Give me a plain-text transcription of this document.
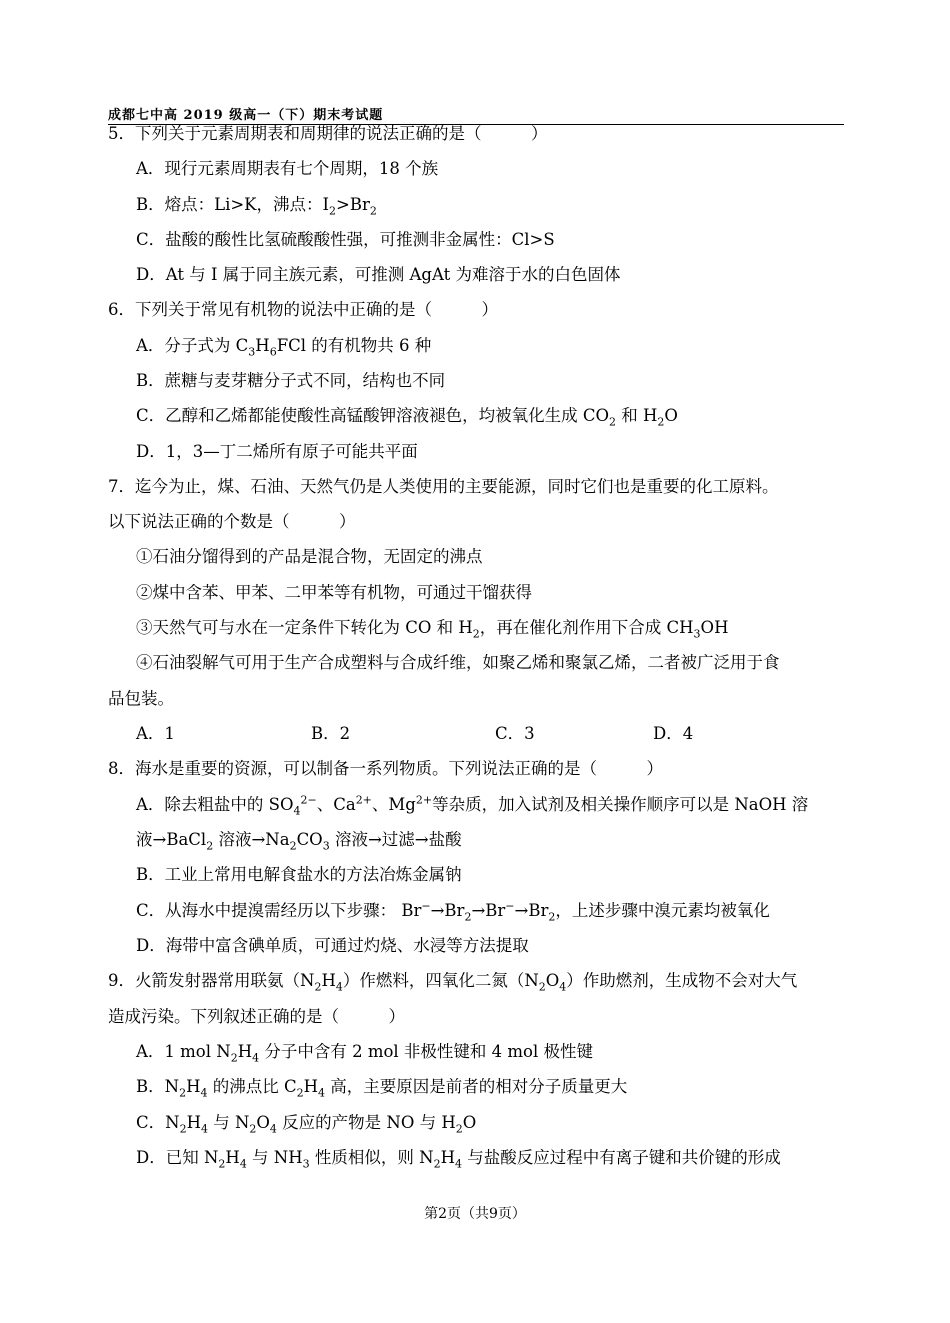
成都七中高 2019 级高一（下）期末考试题
5．下列关于元素周期表和周期律的说法正确的是（　　　）
A．现行元素周期表有七个周期，18 个族
B．熔点：Li>K，沸点：$I_2>Br_2$
C．盐酸的酸性比氢硫酸酸性强，可推测非金属性：Cl>S
D．At 与 I 属于同主族元素，可推测 AgAt 为难溶于水的白色固体
6．下列关于常见有机物的说法中正确的是（　　　）
A．分子式为 $C_3H_6FCl$ 的有机物共 6 种
B．蔗糖与麦芽糖分子式不同，结构也不同
C．乙醇和乙烯都能使酸性高锰酸钾溶液褪色，均被氧化生成 $CO_2$ 和 $H_2O$
D．1，3—丁二烯所有原子可能共平面
7．迄今为止，煤、石油、天然气仍是人类使用的主要能源，同时它们也是重要的化工原料。
以下说法正确的个数是（　　　）
①石油分馏得到的产品是混合物，无固定的沸点
②煤中含苯、甲苯、二甲苯等有机物，可通过干馏获得
③天然气可与水在一定条件下转化为 CO 和 $H_2$，再在催化剂作用下合成 $CH_3OH$
④石油裂解气可用于生产合成塑料与合成纤维，如聚乙烯和聚氯乙烯，二者被广泛用于食
品包装。
A．1	B．2	C．3	D．4
8．海水是重要的资源，可以制备一系列物质。下列说法正确的是（　　　）
A．除去粗盐中的 $SO_4^{2-}$、$Ca^{2+}$、$Mg^{2+}$等杂质，加入试剂及相关操作顺序可以是 NaOH 溶
液→BaCl$_2$ 溶液$\to Na_2CO_3$ 溶液→过滤→盐酸
B．工业上常用电解食盐水的方法冶炼金属钠
C．从海水中提溴需经历以下步骤： $Br^-\to Br_2\to Br^-\to Br_2$，上述步骤中溴元素均被氧化
D．海带中富含碘单质，可通过灼烧、水浸等方法提取
9．火箭发射器常用联氨$(N_2H_4)$作燃料，四氧化二氮$(N_2O_4)$作助燃剂，生成物不会对大气
造成污染。下列叙述正确的是（　　　）
A．1 mol $N_2H_4$ 分子中含有 2 mol 非极性键和 4 mol 极性键
B．$N_2H_4$ 的沸点比 $C_2H_4$ 高，主要原因是前者的相对分子质量更大
C．$N_2H_4$ 与 $N_2O_4$ 反应的产物是 NO 与 $H_2O$
D．已知 $N_2H_4$ 与 $NH_3$ 性质相似，则 $N_2H_4$ 与盐酸反应过程中有离子键和共价键的形成
第2页（共9页）
